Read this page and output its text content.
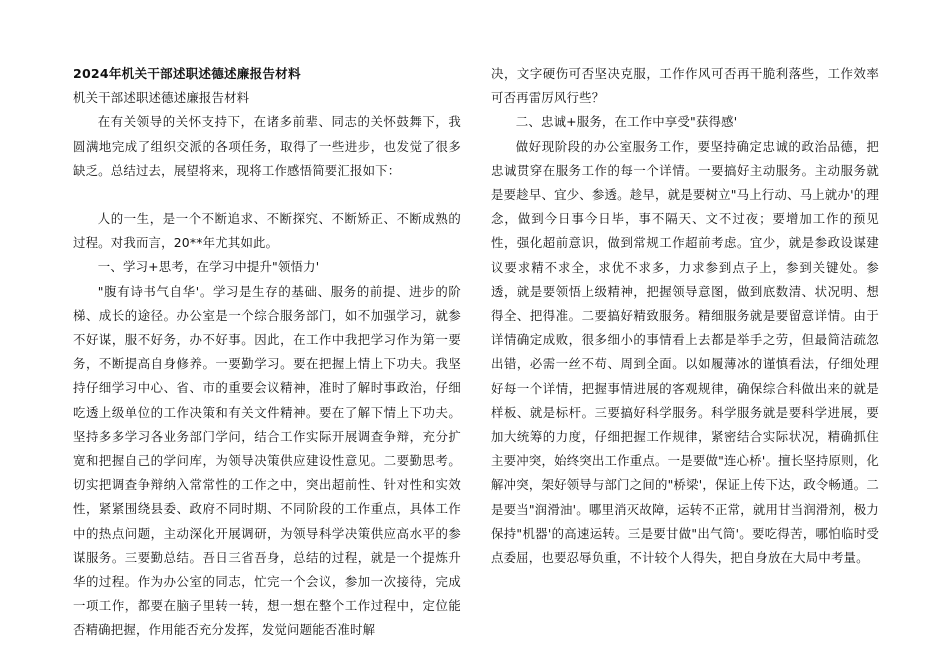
2024年机关干部述职述德述廉报告材料

机关干部述职述德述廉报告材料

在有关领导的关怀支持下，在诸多前辈、同志的关怀鼓舞下，我圆满地完成了组织交派的各项任务，取得了一些进步，也发觉了很多缺乏。总结过去，展望将来，现将工作感悟简要汇报如下：

人的一生，是一个不断追求、不断探究、不断矫正、不断成熟的过程。对我而言，20**年尤其如此。

一、学习+思考，在学习中提升"领悟力'

"腹有诗书气自华'。学习是生存的基础、服务的前提、进步的阶梯、成长的途径。办公室是一个综合服务部门，如不加强学习，就参不好谋，服不好务，办不好事。因此，在工作中我把学习作为第一要务，不断提高自身修养。一要勤学习。要在把握上情上下功夫。我坚持仔细学习中心、省、市的重要会议精神，准时了解时事政治，仔细吃透上级单位的工作决策和有关文件精神。要在了解下情上下功夫。坚持多多学习各业务部门学问，结合工作实际开展调查争辩，充分扩宽和把握自己的学问库，为领导决策供应建设性意见。二要勤思考。切实把调查争辩纳入常常性的工作之中，突出超前性、针对性和实效性，紧紧围绕县委、政府不同时期、不同阶段的工作重点，具体工作中的热点问题，主动深化开展调研，为领导科学决策供应高水平的参谋服务。三要勤总结。吾日三省吾身，总结的过程，就是一个提炼升华的过程。作为办公室的同志，忙完一个会议，参加一次接待，完成一项工作，都要在脑子里转一转，想一想在整个工作过程中，定位能否精确把握，作用能否充分发挥，发觉问题能否准时解

决，文字硬伤可否坚决克服，工作作风可否再干脆利落些，工作效率可否再雷厉风行些？

二、忠诚+服务，在工作中享受"获得感'

做好现阶段的办公室服务工作，要坚持确定忠诚的政治品德，把忠诚贯穿在服务工作的每一个详情。一要搞好主动服务。主动服务就是要趁早、宜少、参透。趁早，就是要树立"马上行动、马上就办'的理念，做到今日事今日毕，事不隔天、文不过夜；要增加工作的预见性，强化超前意识，做到常规工作超前考虑。宜少，就是参政设谋建议要求精不求全，求优不求多，力求参到点子上，参到关键处。参透，就是要领悟上级精神，把握领导意图，做到底数清、状况明、想得全、把得准。二要搞好精致服务。精细服务就是要留意详情。由于详情确定成败，很多细小的事情看上去都是举手之劳，但最简洁疏忽出错，必需一丝不苟、周到全面。以如履薄冰的谨慎看法，仔细处理好每一个详情，把握事情进展的客观规律，确保综合科做出来的就是样板、就是标杆。三要搞好科学服务。科学服务就是要科学进展，要加大统筹的力度，仔细把握工作规律，紧密结合实际状况，精确抓住主要冲突，始终突出工作重点。一是要做"连心桥'。擅长坚持原则，化解冲突，架好领导与部门之间的"桥梁'，保证上传下达，政令畅通。二是要当"润滑油'。哪里消灭故障，运转不正常，就用甘当润滑剂，极力保持"机器'的高速运转。三是要甘做"出气筒'。要吃得苦，哪怕临时受点委屈，也要忍辱负重，不计较个人得失，把自身放在大局中考量。
